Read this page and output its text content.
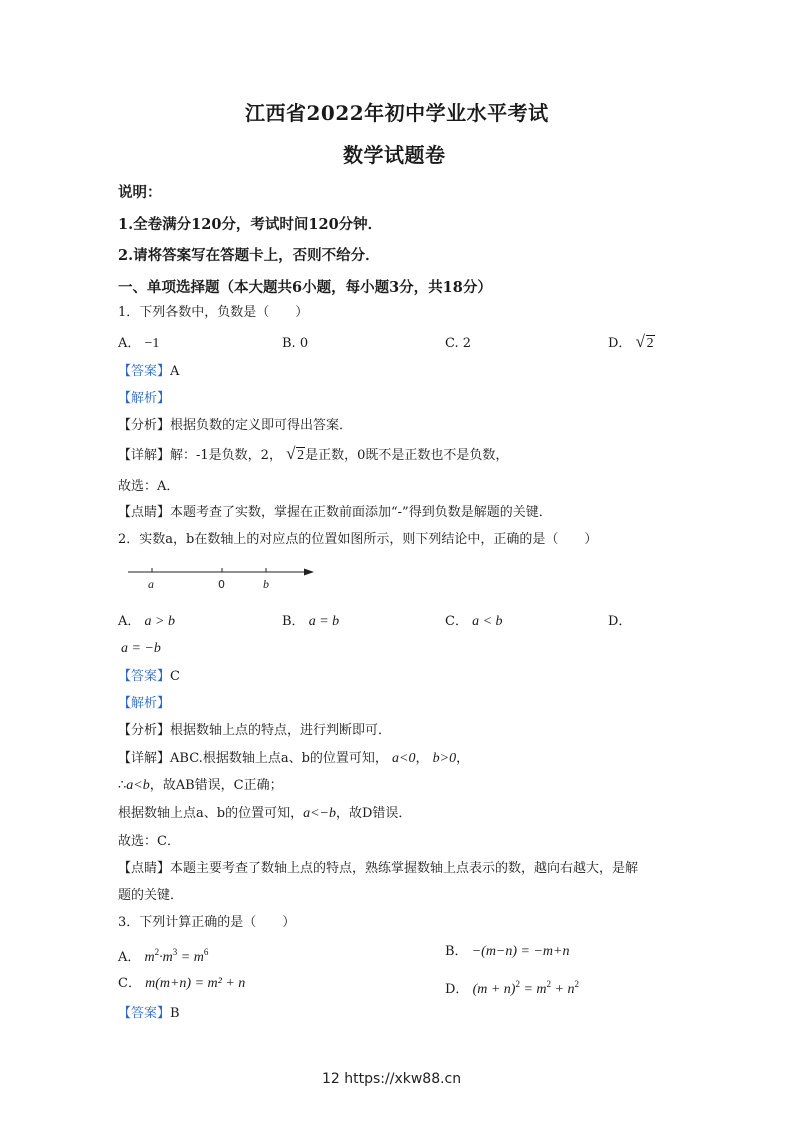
江西省2022年初中学业水平考试
数学试题卷
说明：
1.全卷满分120分，考试时间120分钟．
2.请将答案写在答题卡上，否则不给分．
一、单项选择题（本大题共6小题，每小题3分，共18分）
1．下列各数中，负数是（　　）
A． −1	B. 0	C. 2	D． √ 2
【答案】A
【解析】
【分析】根据负数的定义即可得出答案．
【详解】解：-1是负数，2， √ 2是正数，0既不是正数也不是负数，
故选：A．
【点睛】本题考查了实数，掌握在正数前面添加“-”得到负数是解题的关键．
2．实数a，b在数轴上的对应点的位置如图所示，则下列结论中，正确的是（　　）
a	0	b
A． a > b	B． a = b	C． a < b	D．
a = −b
【答案】C
【解析】
【分析】根据数轴上点的特点，进行判断即可．
【详解】ABC.根据数轴上点a、b的位置可知， a<0， b>0，
∴a<b，故AB错误，C正确；
根据数轴上点a、b的位置可知，a<−b，故D错误．
故选：C．
【点睛】本题主要考查了数轴上点的特点，熟练掌握数轴上点表示的数，越向右越大，是解
题的关键．
3．下列计算正确的是（　　）
A． $m^2\cdot m^3 = m^6$	B． −(m−n) = −m+n
C． m(m+n) = m² + n	D． $(m + n)^2 = m^2 + n^2$
【答案】B
12 https://xkw88.cn
